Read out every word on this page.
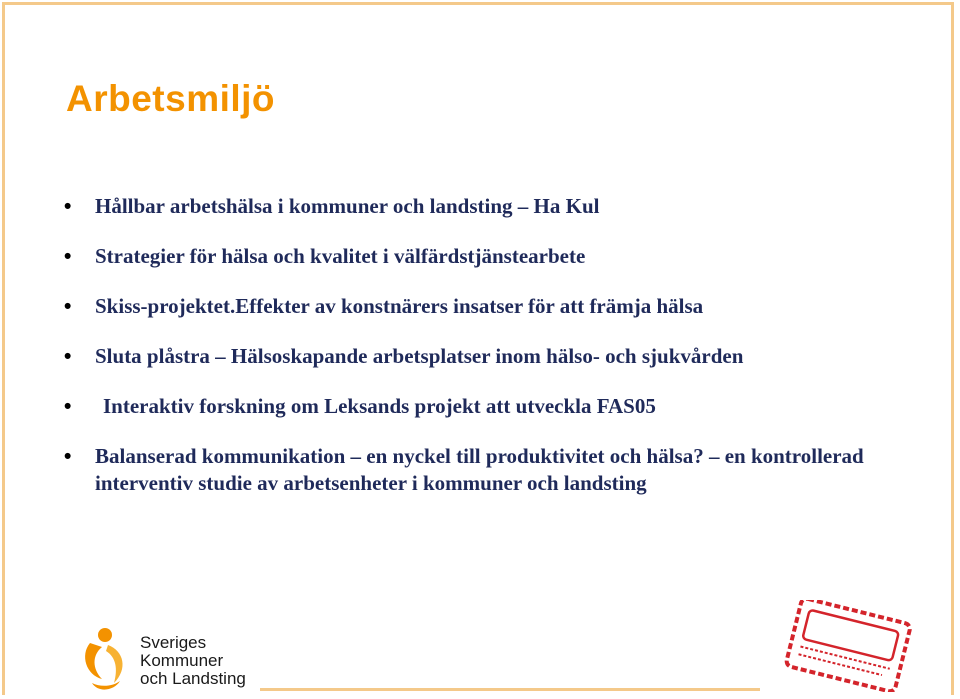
Arbetsmiljö
• Hållbar arbetshälsa i kommuner och landsting – Ha Kul
• Strategier för hälsa och kvalitet i välfärdstjänstearbete
• Skiss-projektet.Effekter av konstnärers insatser för att främja hälsa
• Sluta plåstra – Hälsoskapande arbetsplatser inom hälso- och sjukvården
• Interaktiv forskning om Leksands projekt att utveckla FAS05
• Balanserad kommunikation – en nyckel till produktivitet och hälsa? – en kontrollerad interventiv studie av arbetsenheter i kommuner och landsting
Sveriges
Kommuner
och Landsting
